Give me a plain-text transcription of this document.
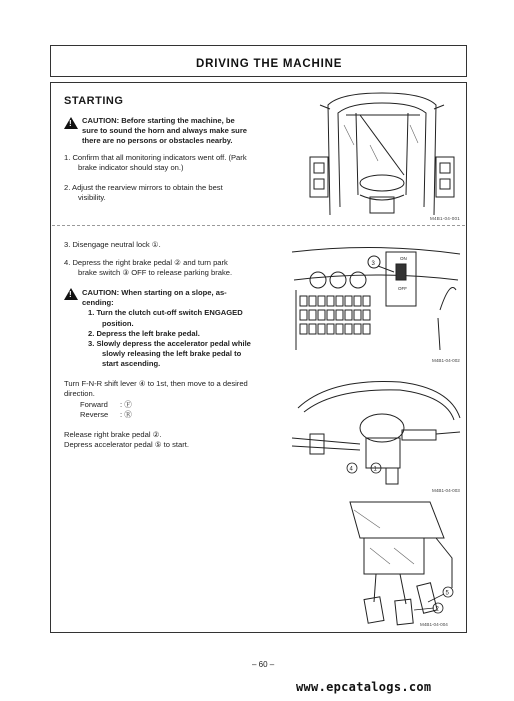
DRIVING THE MACHINE
STARTING
! CAUTION: Before starting the machine, be
sure to sound the horn and always make sure
there are no persons or obstacles nearby.
1. Confirm that all monitoring indicators went off. (Park
brake indicator should stay on.)
2. Adjust the rearview mirrors to obtain the best
visibility.
3. Disengage neutral lock ①.
4. Depress the right brake pedal ② and turn park
brake switch ③ OFF to release parking brake.
! CAUTION: When starting on a slope, as-
cending:
1. Turn the clutch cut-off switch ENGAGED
position.
2. Depress the left brake pedal.
3. Slowly depress the accelerator pedal while
slowly releasing the left brake pedal to
start ascending.
Turn F-N-R shift lever ④ to 1st, then move to a desired
direction.
Forward : Ⓕ
Reverse : Ⓡ
Release right brake pedal ②.
Depress accelerator pedal ⑤ to start.
M4B1-04-001
3
ON
OFF
M4B1-04-002
4	1
M4B1-04-003
5
2
M4B1-04-004
– 60 –
www.epcatalogs.com
